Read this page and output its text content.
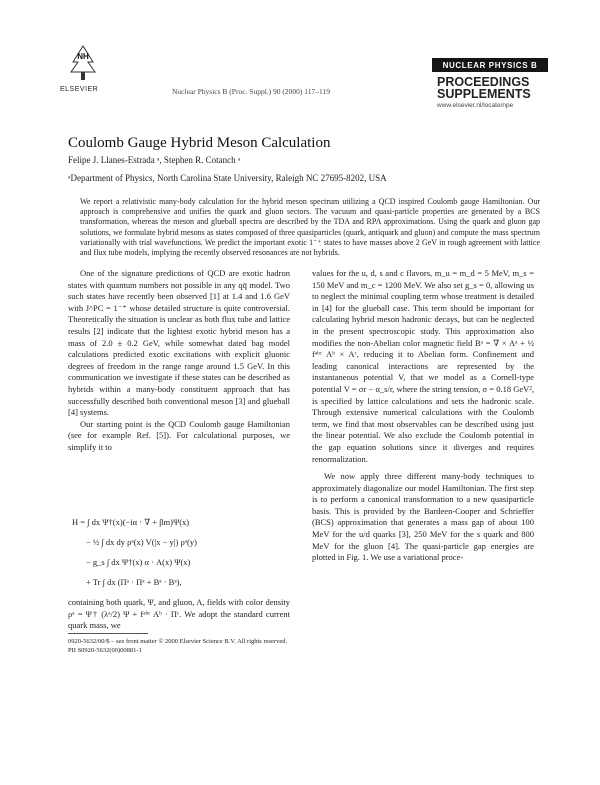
NH
ELSEVIER	Nuclear Physics B (Proc. Suppl.) 90 (2000) 117–119
NUCLEAR PHYSICS B
PROCEEDINGS
SUPPLEMENTS
www.elsevier.nl/locate/npe
Coulomb Gauge Hybrid Meson Calculation
Felipe J. Llanes-Estrada ᵃ, Stephen R. Cotanch ᵃ
ᵃDepartment of Physics, North Carolina State University, Raleigh NC 27695-8202, USA
We report a relativistic many-body calculation for the hybrid meson spectrum utilizing a QCD inspired Coulomb gauge Hamiltonian. Our approach is comprehensive and unifies the quark and gluon sectors. The vacuum and quasi-particle properties are generated by a BCS transformation, whereas the meson and glueball spectra are described by the TDA and RPA approximations. Using the quark and gluon gap solutions, we formulate hybrid mesons as states composed of three quasiparticles (quark, antiquark and gluon) and compute the mass spectrum variationally with trial wavefunctions. We predict the important exotic 1⁻⁺ states to have masses above 2 GeV in rough agreement with lattice and flux tube models, implying the recently observed resonances are not hybrids.

One of the signature predictions of QCD are exotic hadron states with quantum numbers not possible in any qq̄ model. Two such states have recently been observed [1] at 1.4 and 1.6 GeV with J^PC = 1⁻⁺ whose detailed structure is quite controversial. Theoretically the situation is unclear as both flux tube and lattice results [2] indicate that the lightest exotic hybrid meson has a mass of 2.0 ± 0.2 GeV, while somewhat dated bag model calculations predicted exotic excitations with explicit gluonic degrees of freedom in the range range around 1.5 GeV. In this communication we investigate if these states can be described as hybrids within a many-body constituent approach that has successfully described both conventional meson [3] and glueball [4] systems.

Our starting point is the QCD Coulomb gauge Hamiltonian (see for example Ref. [5]). For calculational purposes, we simplify it to

H = ∫ dx Ψ†(x)(−iα · ∇ + βm)Ψ(x)
− ½ ∫ dx dy ρᵃ(x) V(|x − y|) ρᵃ(y)
− g_s ∫ dx Ψ†(x) α · A(x) Ψ(x)
+ Tr ∫ dx (Πᵃ · Πᵃ + Bᵃ · Bᵃ),

containing both quark, Ψ, and gluon, A, fields with color density ρᵃ = Ψ† (λᵃ/2) Ψ + fᵃᵇᶜ Aᵇ · Πᶜ. We adopt the standard current quark mass, we

values for the u, d, s and c flavors, m_u = m_d = 5 MeV, m_s = 150 MeV and m_c = 1200 MeV. We also set g_s = 0, allowing us to neglect the minimal coupling term whose treatment is detailed in [4] for the glueball case. This term should be important for calculating hybrid meson hadronic decays, but can be neglected in the present spectroscopic study. This approximation also modifies the non-Abelian color magnetic field Bᵃ = ∇ × Aᵃ + ½ fᵃᵇᶜ Aᵇ × Aᶜ, reducing it to Abelian form. Confinement and leading canonical interactions are represented by the instantaneous potential V, that we model as a Cornell-type potential V = σr − α_s/r, where the string tension, σ = 0.18 GeV², is specified by lattice calculations and sets the hadronic scale. Through extensive numerical calculations with the Coulomb term, we find that most observables can be described using just the linear potential. We also exclude the Coulomb potential in the gap equation solutions since it diverges and requires renormalization.

We now apply three different many-body techniques to approximately diagonalize our model Hamiltonian. The first step is to perform a canonical transformation to a new quasiparticle basis. This is provided by the Bardeen-Cooper and Schrieffer (BCS) approximation that generates a mass gap of about 100 MeV for the u/d quarks [3], 250 MeV for the s quark and 800 MeV for the gluon [4]. The quasi-particle gap energies are plotted in Fig. 1. We use a variational proce-

0920-5632/00/$ – see front matter © 2000 Elsevier Science B.V. All rights reserved.
PII S0920-5632(00)00881-1
